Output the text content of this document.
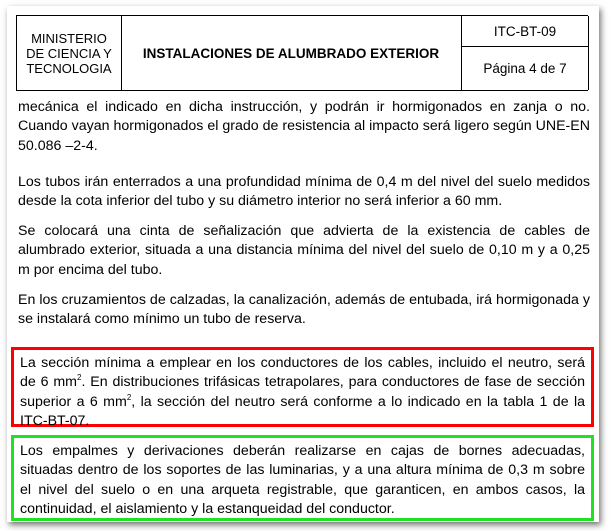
MINISTERIO
DE CIENCIA Y
TECNOLOGIA
INSTALACIONES DE ALUMBRADO EXTERIOR
ITC-BT-09
Página 4 de 7

mecánica el indicado en dicha instrucción, y podrán ir hormigonados en zanja o no. Cuando vayan hormigonados el grado de resistencia al impacto será ligero según UNE-EN 50.086 –2-4.

Los tubos irán enterrados a una profundidad mínima de 0,4 m del nivel del suelo medidos desde la cota inferior del tubo y su diámetro interior no será inferior a 60 mm.

Se colocará una cinta de señalización que advierta de la existencia de cables de alumbrado exterior, situada a una distancia mínima del nivel del suelo de 0,10 m y a 0,25 m por encima del tubo.

En los cruzamientos de calzadas, la canalización, además de entubada, irá hormigonada y se instalará como mínimo un tubo de reserva.

La sección mínima a emplear en los conductores de los cables, incluido el neutro, será de 6 $mm^2$. En distribuciones trifásicas tetrapolares, para conductores de fase de sección superior a 6 $mm^2$, la sección del neutro será conforme a lo indicado en la tabla 1 de la ITC-BT-07.
Los empalmes y derivaciones deberán realizarse en cajas de bornes adecuadas, situadas dentro de los soportes de las luminarias, y a una altura mínima de 0,3 m sobre el nivel del suelo o en una arqueta registrable, que garanticen, en ambos casos, la continuidad, el aislamiento y la estanqueidad del conductor.
